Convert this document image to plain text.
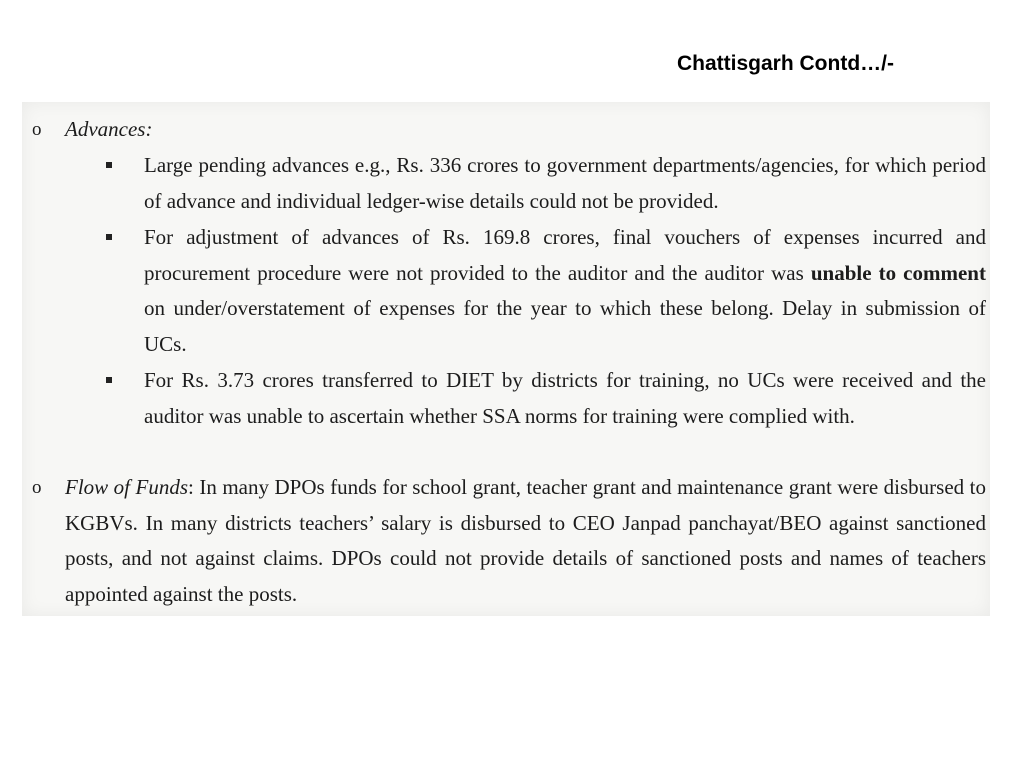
Chattisgarh Contd…/-
o Advances:

Large pending advances e.g., Rs. 336 crores to government departments/agencies, for which period of advance and individual ledger-wise details could not be provided.

For adjustment of advances of Rs. 169.8 crores, final vouchers of expenses incurred and procurement procedure were not provided to the auditor and the auditor was unable to comment on under/overstatement of expenses for the year to which these belong. Delay in submission of UCs.

For Rs. 3.73 crores transferred to DIET by districts for training, no UCs were received and the auditor was unable to ascertain whether SSA norms for training were complied with.

o Flow of Funds: In many DPOs funds for school grant, teacher grant and maintenance grant were disbursed to KGBVs. In many districts teachers’ salary is disbursed to CEO Janpad panchayat/BEO against sanctioned posts, and not against claims. DPOs could not provide details of sanctioned posts and names of teachers appointed against the posts.
